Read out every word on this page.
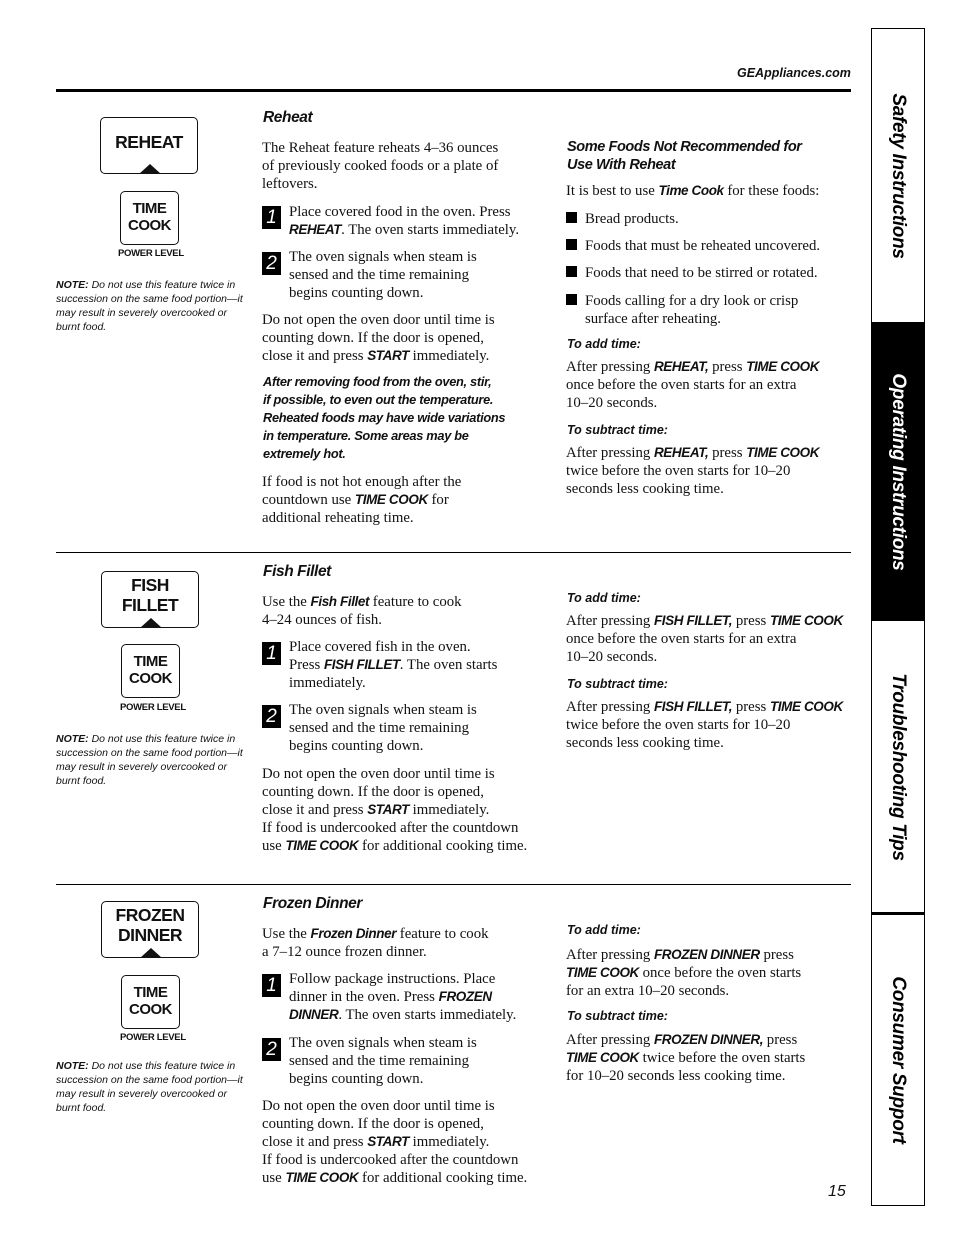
GEAppliances.com
REHEAT
TIME
COOK
POWER LEVEL
NOTE: Do not use this feature twice in succession on the same food portion—it may result in severely overcooked or burnt food.
Reheat
The Reheat feature reheats 4–36 ounces
of previously cooked foods or a plate of
leftovers.
1 Place covered food in the oven. Press
REHEAT. The oven starts immediately.
2 The oven signals when steam is
sensed and the time remaining
begins counting down.
Do not open the oven door until time is
counting down. If the door is opened,
close it and press START immediately.
After removing food from the oven, stir,
if possible, to even out the temperature.
Reheated foods may have wide variations
in temperature. Some areas may be
extremely hot.
If food is not hot enough after the
countdown use TIME COOK for
additional reheating time.
Some Foods Not Recommended for
Use With Reheat
It is best to use Time Cook for these foods:
Bread products.
Foods that must be reheated uncovered.
Foods that need to be stirred or rotated.
Foods calling for a dry look or crisp
surface after reheating.
To add time:
After pressing REHEAT, press TIME COOK
once before the oven starts for an extra
10–20 seconds.
To subtract time:
After pressing REHEAT, press TIME COOK
twice before the oven starts for 10–20
seconds less cooking time.
FISH
FILLET
TIME
COOK
POWER LEVEL
NOTE: Do not use this feature twice in succession on the same food portion—it may result in severely overcooked or burnt food.
Fish Fillet
Use the Fish Fillet feature to cook
4–24 ounces of fish.
1 Place covered fish in the oven.
Press FISH FILLET. The oven starts
immediately.
2 The oven signals when steam is
sensed and the time remaining
begins counting down.
Do not open the oven door until time is
counting down. If the door is opened,
close it and press START immediately.
If food is undercooked after the countdown
use TIME COOK for additional cooking time.
To add time:
After pressing FISH FILLET, press TIME COOK
once before the oven starts for an extra
10–20 seconds.
To subtract time:
After pressing FISH FILLET, press TIME COOK
twice before the oven starts for 10–20
seconds less cooking time.
FROZEN
DINNER
TIME
COOK
POWER LEVEL
NOTE: Do not use this feature twice in succession on the same food portion—it may result in severely overcooked or burnt food.
Frozen Dinner
Use the Frozen Dinner feature to cook
a 7–12 ounce frozen dinner.
1 Follow package instructions. Place
dinner in the oven. Press FROZEN
DINNER. The oven starts immediately.
2 The oven signals when steam is
sensed and the time remaining
begins counting down.
Do not open the oven door until time is
counting down. If the door is opened,
close it and press START immediately.
If food is undercooked after the countdown
use TIME COOK for additional cooking time.
To add time:
After pressing FROZEN DINNER press
TIME COOK once before the oven starts
for an extra 10–20 seconds.
To subtract time:
After pressing FROZEN DINNER, press
TIME COOK twice before the oven starts
for 10–20 seconds less cooking time.
15
Safety Instructions
Operating Instructions
Troubleshooting Tips
Consumer Support
